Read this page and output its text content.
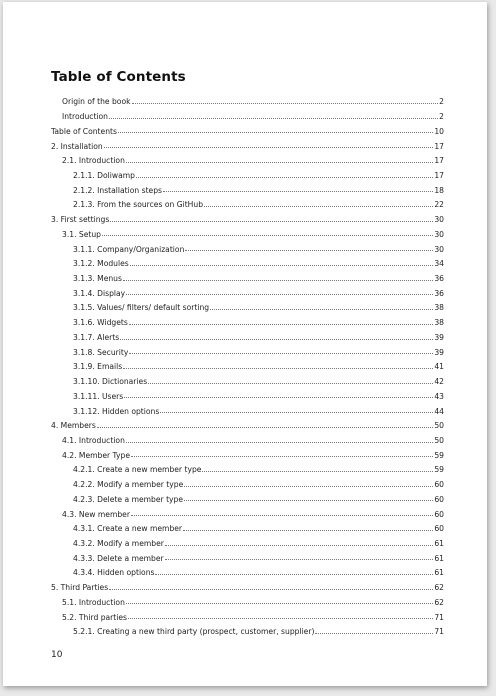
Table of Contents
Origin of the book	2
Introduction	2
Table of Contents	10
2. Installation	17
2.1. Introduction	17
2.1.1. Doliwamp	17
2.1.2. Installation steps	18
2.1.3. From the sources on GitHub	22
3. First settings	30
3.1. Setup	30
3.1.1. Company/Organization	30
3.1.2. Modules	34
3.1.3. Menus	36
3.1.4. Display	36
3.1.5. Values/ filters/ default sorting	38
3.1.6. Widgets	38
3.1.7. Alerts	39
3.1.8. Security	39
3.1.9. Emails	41
3.1.10. Dictionaries	42
3.1.11. Users	43
3.1.12. Hidden options	44
4. Members	50
4.1. Introduction	50
4.2. Member Type	59
4.2.1. Create a new member type	59
4.2.2. Modify a member type	60
4.2.3. Delete a member type	60
4.3. New member	60
4.3.1. Create a new member	60
4.3.2. Modify a member	61
4.3.3. Delete a member	61
4.3.4. Hidden options	61
5. Third Parties	62
5.1. Introduction	62
5.2. Third parties	71
5.2.1. Creating a new third party (prospect, customer, supplier)	71
10
